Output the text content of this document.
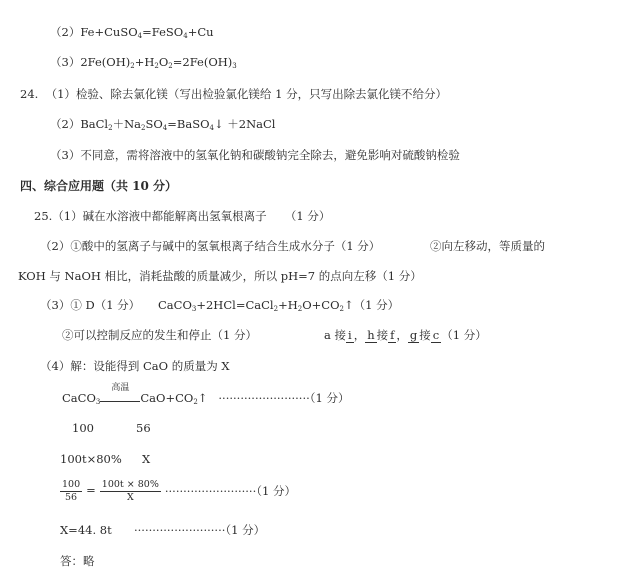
（2）Fe+CuSO$_4$=FeSO$_4$+Cu
$(3)2Fe(OH)_2+H_2O_2=2Fe(OH)_3$
24. （1）检验、除去氯化镁（写出检验氯化镁给 1 分，只写出除去氯化镁不给分）
$(2)BaCl_2+Na_2SO_4=BaSO_4↓$ ＋2NaCl
（3）不同意，需将溶液中的氢氧化钠和碳酸钠完全除去，避免影响对硫酸钠检验
四、综合应用题（共 10 分）
25.（1）碱在水溶液中都能解离出氢氧根离子 （1 分）
（2）①酸中的氢离子与碱中的氢氧根离子结合生成水分子（1 分）	②向左移动，等质量的
KOH 与 NaOH 相比，消耗盐酸的质量减少，所以 pH=7 的点向左移（1 分）
（3）① D（1 分） $CaCO_3+2HCl=CaCl_2+H_2O+CO_2↑(1$ 分）
②可以控制反应的发生和停止（1 分）	a 接 i ， h 接 f ， g 接 c （1 分）
（4）解：设能得到 CaO 的质量为 X
CaCO$_3$
高温
$CaO+CO_2↑ \cdot\cdot\cdot\cdot\cdot\cdot\cdot\cdot\cdot\cdot\cdot\cdot\cdot\cdot\cdot\cdot\cdot\cdot\cdot\cdot\cdot\cdot\cdot\cdot\cdot(1$ 分）
100	56
100t×80% X
$\frac{100}{56} = \frac{100t \times 80\%}{X} \cdot\cdot\cdot\cdot\cdot\cdot\cdot\cdot\cdot\cdot\cdot\cdot\cdot\cdot\cdot\cdot\cdot\cdot\cdot\cdot\cdot\cdot\cdot\cdot\cdot(1$ 分）
X=44. 8t ·························（1 分）
答：略
